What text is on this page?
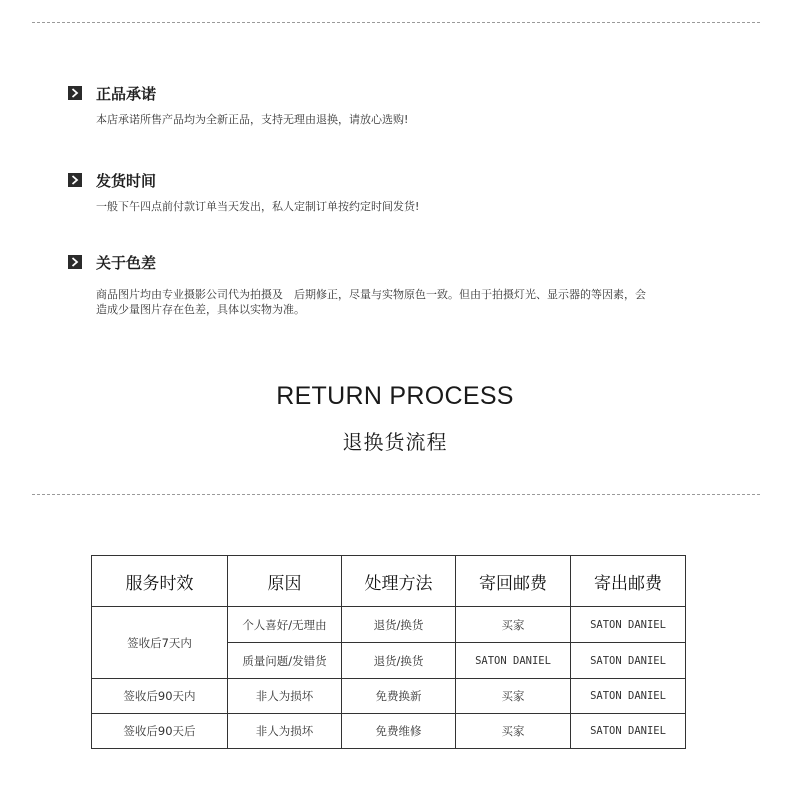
正品承诺
本店承诺所售产品均为全新正品，支持无理由退换，请放心选购!
发货时间
一般下午四点前付款订单当天发出，私人定制订单按约定时间发货!
关于色差
商品图片均由专业摄影公司代为拍摄及　后期修正，尽量与实物原色一致。但由于拍摄灯光、显示器的等因素，会
造成少量图片存在色差，具体以实物为准。
RETURN PROCESS
退换货流程
服务时效	原因	处理方法	寄回邮费	寄出邮费
签收后7天内	个人喜好/无理由	退货/换货	买家	SATON DANIEL
	质量问题/发错货	退货/换货	SATON DANIEL	SATON DANIEL
签收后90天内	非人为损坏	免费换新	买家	SATON DANIEL
签收后90天后	非人为损坏	免费维修	买家	SATON DANIEL
